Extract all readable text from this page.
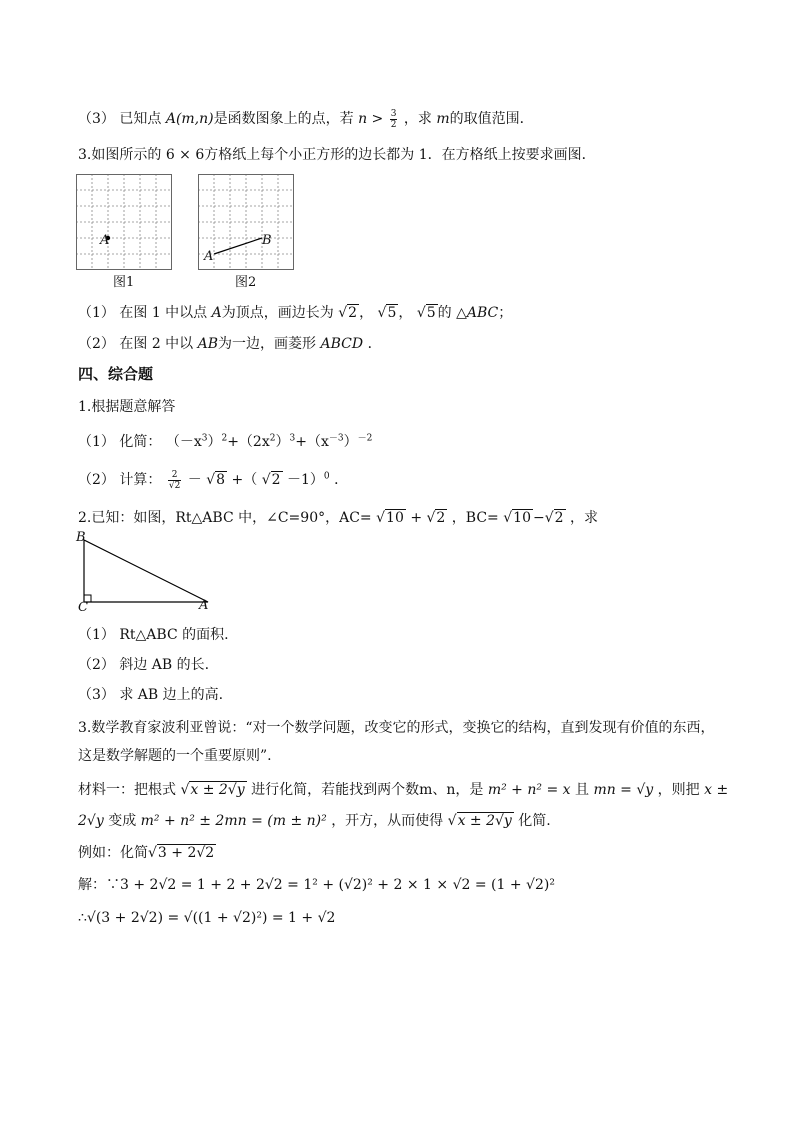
（3） 已知点 A(m,n)是函数图象上的点，若 $n > \frac{3}{2}$ ，求 m的取值范围．
3.如图所示的 6 × 6方格纸上每个小正方形的边长都为 1．在方格纸上按要求画图．
A
图1
A
B
图2
（1） 在图 1 中以点 A为顶点，画边长为 √2 ， √5 ， √5 的 △ABC；
（2） 在图 2 中以 AB为一边，画菱形 ABCD ．
四、综合题
1.根据题意解答
（1） 化简： $(-x^3)^2+(2x^2)^3+(x^{-3})^{-2}$
（2） 计算： $\frac{2}{√2} - √8$ +（ √2 －1）$^0$ ．
2.已知：如图，Rt△ABC 中，∠C=90°，AC= √10 + √2 ，BC= √10 −√2 ，求
B
C	A
（1） Rt△ABC 的面积.
（2） 斜边 AB 的长.
（3） 求 AB 边上的高.
3.数学教育家波利亚曾说：“对一个数学问题，改变它的形式，变换它的结构，直到发现有价值的东西，
这是数学解题的一个重要原则”.
材料一：把根式 √x ± 2√y 进行化简，若能找到两个数m、n，是 m² + n² = x 且 mn = √y ，则把 x ±
2√y 变成 m² + n² ± 2mn = (m ± n)² ，开方，从而使得 √x ± 2√y 化简.
例如：化简√3 + 2√2
解：∵3 + 2√2 = 1 + 2 + 2√2 = 1² + (√2)² + 2 × 1 × √2 = (1 + √2)²
∴√(3 + 2√2) = √((1 + √2)²) = 1 + √2
